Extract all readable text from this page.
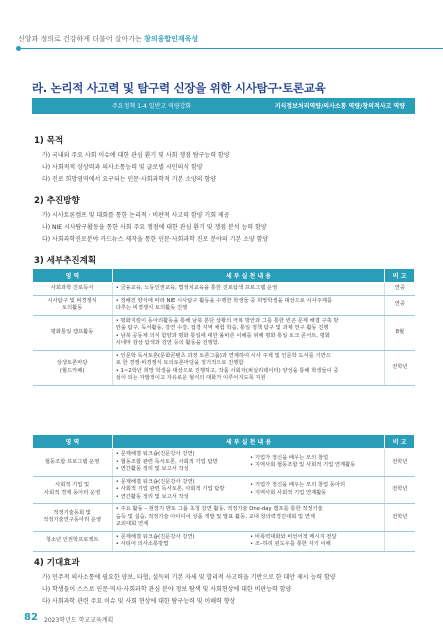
신앙과 정의로 건강하게 더불어 살아가는 창의융합인재육성
라. 논리적 사고력 및 탐구력 신장을 위한 시사탐구·토론교육
주요정책 1-4 일반고 역량강화	지식정보처리역량/의사소통 역량/창의적사고 역량
1) 목적
가) 국내외 주요 사회 이슈에 대한 관심 환기 및 사회 쟁점 탐구능력 함양
나) 사회적적 상상력과 의사소통능력 및 글로벌 시민의식 함양
다) 진로 희망영역에서 요구되는 인문·사회과학적 기본 소양의 함양
2) 추진방향
가) 시사토론캠프 및 대회를 통한 논리적 · 비판적 사고력 함양 기회 제공
나) NIE 시사탐구활동을 통한 사회 주요 쟁점에 대한 관심 환기 및 쟁점 분석 능력 함양
다) 사회과학진로분야 카드뉴스 제작을 통한 인문·사회과학 진로 분야의 기본 소양 함양
3) 세부추진계획
영 역	세 부 실 천 내 용	비 고
사회과학 진로독서	• 금융교육, 노동인권교육, 법정치교육을 통한 진로탐색 프로그램 운영	연중

시사탐구 및 비경쟁식
토의활동	• 정해진 양식에 따라 NIE 시사탐구 활동을 수행한 학생들 중 희망학생을 대상으로 시사주제를
다루는 비경쟁식 토의활동 진행	연중
평화통일 캠프활동	• 평화지킴이 동아리활동을 통해 남북 분단 상황의 극복 방안과 그를 통한 빈곤 문제 해결 구축 방
안을 탐구. 독서활동, 강연 수강, 접경 지역 체험 학습, 통일 정책 탐구 및 과제 연구 활동 진행
• 남북 공동체 의식 함양과 평화 통일에 대한 올바른 이해를 위해 평화 통일 토크 콘서트, 평화
시네마 감상 탐색과 강연 등의 활동을 진행함.	8월

상생토론마당
(월드카페)	• 인문학 독서토론(문화콘텐츠 과정 토론그룹)과 연계하여 시사 주제 및 인문학 도서를 기반으
로 한 경쟁·비경쟁식 토의토론마당을 정기적으로 진행함
• 1~2학년 희망 학생을 대상으로 진행하고, 작품 사회자(퍼실리테이터) 양성을 통해 학생들이 중
심이 되는 자발적이고 자유로운 형식의 대화가 이루어지도록 지원	전학년
영 역	세 부 실 천 내 용		비 고
협동조합 프로그램 운영	• 문제해결 워크숍(진문강사 강연)
• 협동조합 관련 독서토론, 사회적 기업 탐방
• 연간활동 정리 및 보고서 작성	• 기업가 정신을 배우는 모의 창업
• 지역사회 협동조합 및 사회적 기업 연계활동	전학년

사회적 기업 및
사회적 경제 동아리 운영	• 문제해결 워크숍(진문강사 강연)
• 사회적 기업 관련 독서토론, 사회적 기업 탐방
• 연간활동 정리 및 보고서 작성	• 기업가 정신을 배우는 모의 창업 동아리
• 지역사회 사회적 기업 연계활동	전학년

적정기술동회 및
적정기술연구동아리 운영	• 주요 활동 – 현장기 멘토 그룹 초청 강연 활동, 적정기술 One-day 캠프를 통한 적정기술
습득 및 실습, 적정기술 아이디어 상품 개발 및 발표 활동, 교내 창의력경진대회 및 연계
교외대회 연계		전학년
청소년 인권학프로젝트	• 문제해결 워크숍(진문강사 강연)
• 사티어 의사소통방법	• 비폭력대화와 비언어적 메시지 전달
• 조–하리 윈도우를 통한 자기 이해	

4) 기대효과
가) 민주적 의사소통에 필요한 양보, 타협, 설득의 기본 자세 및 합리적 사고력을 기반으로 한 대안 제시 능력 함양
나) 학생들이 스스로 인문·역사·사회과학 관심 분야 정보 탐색 및 사회현상에 대한 비판능력 함양
다) 사회과학 관련 주요 이슈 및 사회 현상에 대한 탐구능력 및 이해력 향상
82 2023학년도 학교교육계획
